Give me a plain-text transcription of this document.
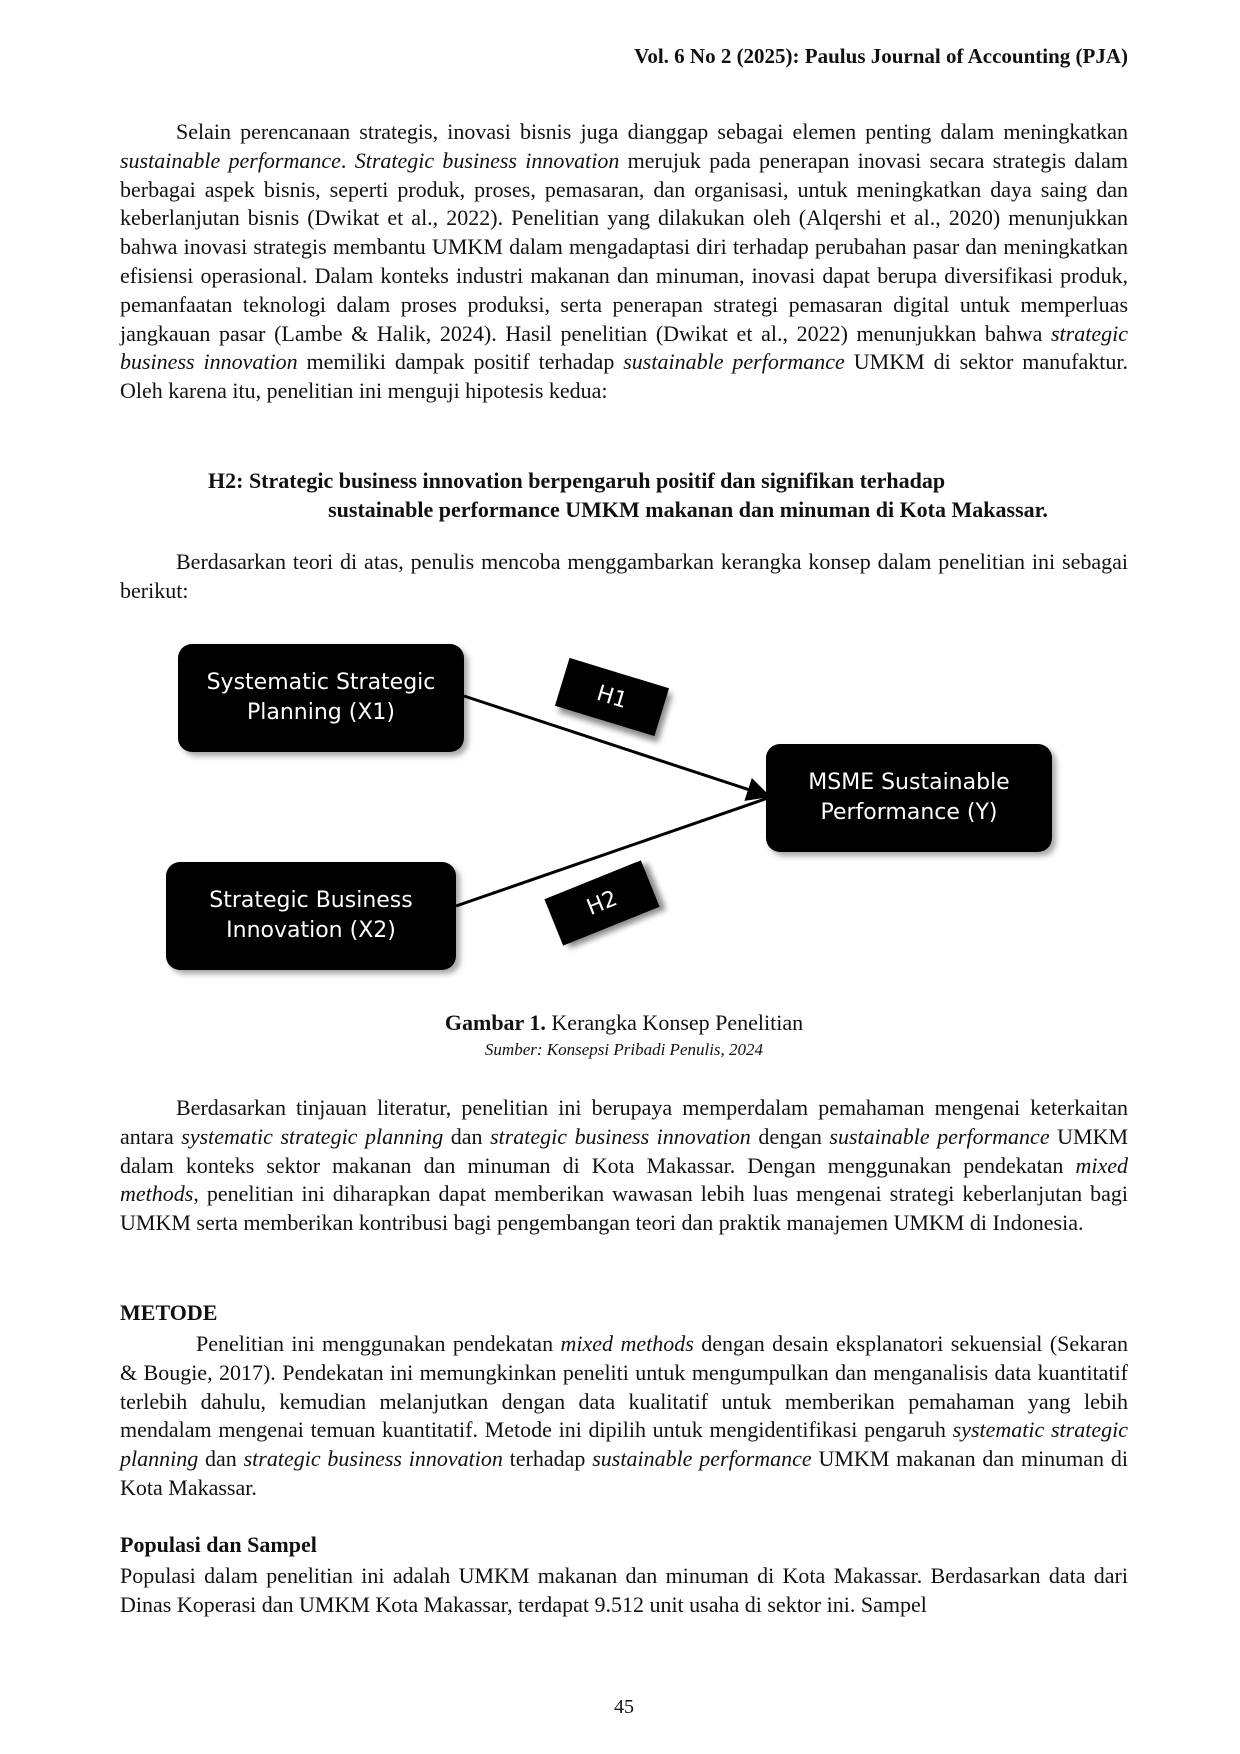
Vol. 6 No 2 (2025): Paulus Journal of Accounting (PJA)

Selain perencanaan strategis, inovasi bisnis juga dianggap sebagai elemen penting dalam meningkatkan sustainable performance. Strategic business innovation merujuk pada penerapan inovasi secara strategis dalam berbagai aspek bisnis, seperti produk, proses, pemasaran, dan organisasi, untuk meningkatkan daya saing dan keberlanjutan bisnis (Dwikat et al., 2022). Penelitian yang dilakukan oleh (Alqershi et al., 2020) menunjukkan bahwa inovasi strategis membantu UMKM dalam mengadaptasi diri terhadap perubahan pasar dan meningkatkan efisiensi operasional. Dalam konteks industri makanan dan minuman, inovasi dapat berupa diversifikasi produk, pemanfaatan teknologi dalam proses produksi, serta penerapan strategi pemasaran digital untuk memperluas jangkauan pasar (Lambe & Halik, 2024). Hasil penelitian (Dwikat et al., 2022) menunjukkan bahwa strategic business innovation memiliki dampak positif terhadap sustainable performance UMKM di sektor manufaktur. Oleh karena itu, penelitian ini menguji hipotesis kedua:

H2: Strategic business innovation berpengaruh positif dan signifikan terhadap
sustainable performance UMKM makanan dan minuman di Kota Makassar.

Berdasarkan teori di atas, penulis mencoba menggambarkan kerangka konsep dalam penelitian ini sebagai berikut:

Systematic Strategic
Planning (X1)
Strategic Business
Innovation (X2)
MSME Sustainable
Performance (Y)
H1
H2
Gambar 1. Kerangka Konsep Penelitian
Sumber: Konsepsi Pribadi Penulis, 2024

Berdasarkan tinjauan literatur, penelitian ini berupaya memperdalam pemahaman mengenai keterkaitan antara systematic strategic planning dan strategic business innovation dengan sustainable performance UMKM dalam konteks sektor makanan dan minuman di Kota Makassar. Dengan menggunakan pendekatan mixed methods, penelitian ini diharapkan dapat memberikan wawasan lebih luas mengenai strategi keberlanjutan bagi UMKM serta memberikan kontribusi bagi pengembangan teori dan praktik manajemen UMKM di Indonesia.

METODE

Penelitian ini menggunakan pendekatan mixed methods dengan desain eksplanatori sekuensial (Sekaran & Bougie, 2017). Pendekatan ini memungkinkan peneliti untuk mengumpulkan dan menganalisis data kuantitatif terlebih dahulu, kemudian melanjutkan dengan data kualitatif untuk memberikan pemahaman yang lebih mendalam mengenai temuan kuantitatif. Metode ini dipilih untuk mengidentifikasi pengaruh systematic strategic planning dan strategic business innovation terhadap sustainable performance UMKM makanan dan minuman di Kota Makassar.

Populasi dan Sampel

Populasi dalam penelitian ini adalah UMKM makanan dan minuman di Kota Makassar. Berdasarkan data dari Dinas Koperasi dan UMKM Kota Makassar, terdapat 9.512 unit usaha di sektor ini. Sampel

45
